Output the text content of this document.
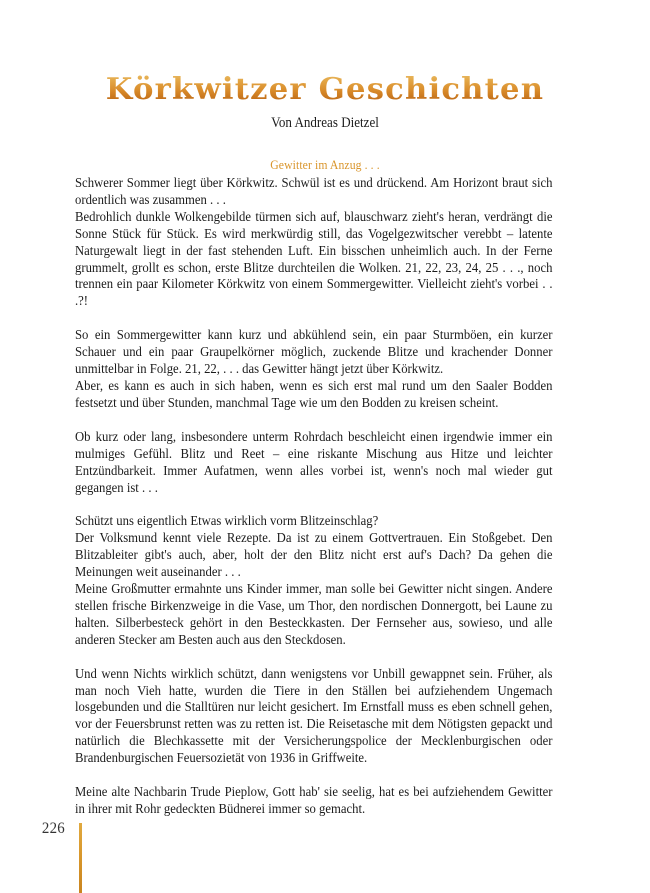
Körkwitzer Geschichten

Von Andreas Dietzel

Gewitter im Anzug . . .

Schwerer Sommer liegt über Körkwitz. Schwül ist es und drückend. Am Horizont braut sich ordentlich was zusammen . . .

Bedrohlich dunkle Wolkengebilde türmen sich auf, blauschwarz zieht's heran, verdrängt die Sonne Stück für Stück. Es wird merkwürdig still, das Vogelgezwitscher verebbt – latente Naturgewalt liegt in der fast stehenden Luft. Ein bisschen unheimlich auch. In der Ferne grummelt, grollt es schon, erste Blitze durchteilen die Wolken. 21, 22, 23, 24, 25 . . ., noch trennen ein paar Kilometer Körkwitz von einem Sommergewitter. Vielleicht zieht's vorbei . . .?!

So ein Sommergewitter kann kurz und abkühlend sein, ein paar Sturmböen, ein kurzer Schauer und ein paar Graupelkörner möglich, zuckende Blitze und krachender Donner unmittelbar in Folge. 21, 22, . . . das Gewitter hängt jetzt über Körkwitz.

Aber, es kann es auch in sich haben, wenn es sich erst mal rund um den Saaler Bodden festsetzt und über Stunden, manchmal Tage wie um den Bodden zu kreisen scheint.

Ob kurz oder lang, insbesondere unterm Rohrdach beschleicht einen irgendwie immer ein mulmiges Gefühl. Blitz und Reet – eine riskante Mischung aus Hitze und leichter Entzündbarkeit. Immer Aufatmen, wenn alles vorbei ist, wenn's noch mal wieder gut gegangen ist . . .

Schützt uns eigentlich Etwas wirklich vorm Blitzeinschlag?

Der Volksmund kennt viele Rezepte. Da ist zu einem Gottvertrauen. Ein Stoßgebet. Den Blitzableiter gibt's auch, aber, holt der den Blitz nicht erst auf's Dach? Da gehen die Meinungen weit auseinander . . .

Meine Großmutter ermahnte uns Kinder immer, man solle bei Gewitter nicht singen. Andere stellen frische Birkenzweige in die Vase, um Thor, den nordischen Donnergott, bei Laune zu halten. Silberbesteck gehört in den Besteckkasten. Der Fernseher aus, sowieso, und alle anderen Stecker am Besten auch aus den Steckdosen.

Und wenn Nichts wirklich schützt, dann wenigstens vor Unbill gewappnet sein. Früher, als man noch Vieh hatte, wurden die Tiere in den Ställen bei aufziehendem Ungemach losgebunden und die Stalltüren nur leicht gesichert. Im Ernstfall muss es eben schnell gehen, vor der Feuersbrunst retten was zu retten ist. Die Reisetasche mit dem Nötigsten gepackt und natürlich die Blechkassette mit der Versicherungspolice der Mecklenburgischen oder Brandenburgischen Feuersozietät von 1936 in Griffweite.

Meine alte Nachbarin Trude Pieplow, Gott hab' sie seelig, hat es bei aufziehendem Gewitter in ihrer mit Rohr gedeckten Büdnerei immer so gemacht.

226
